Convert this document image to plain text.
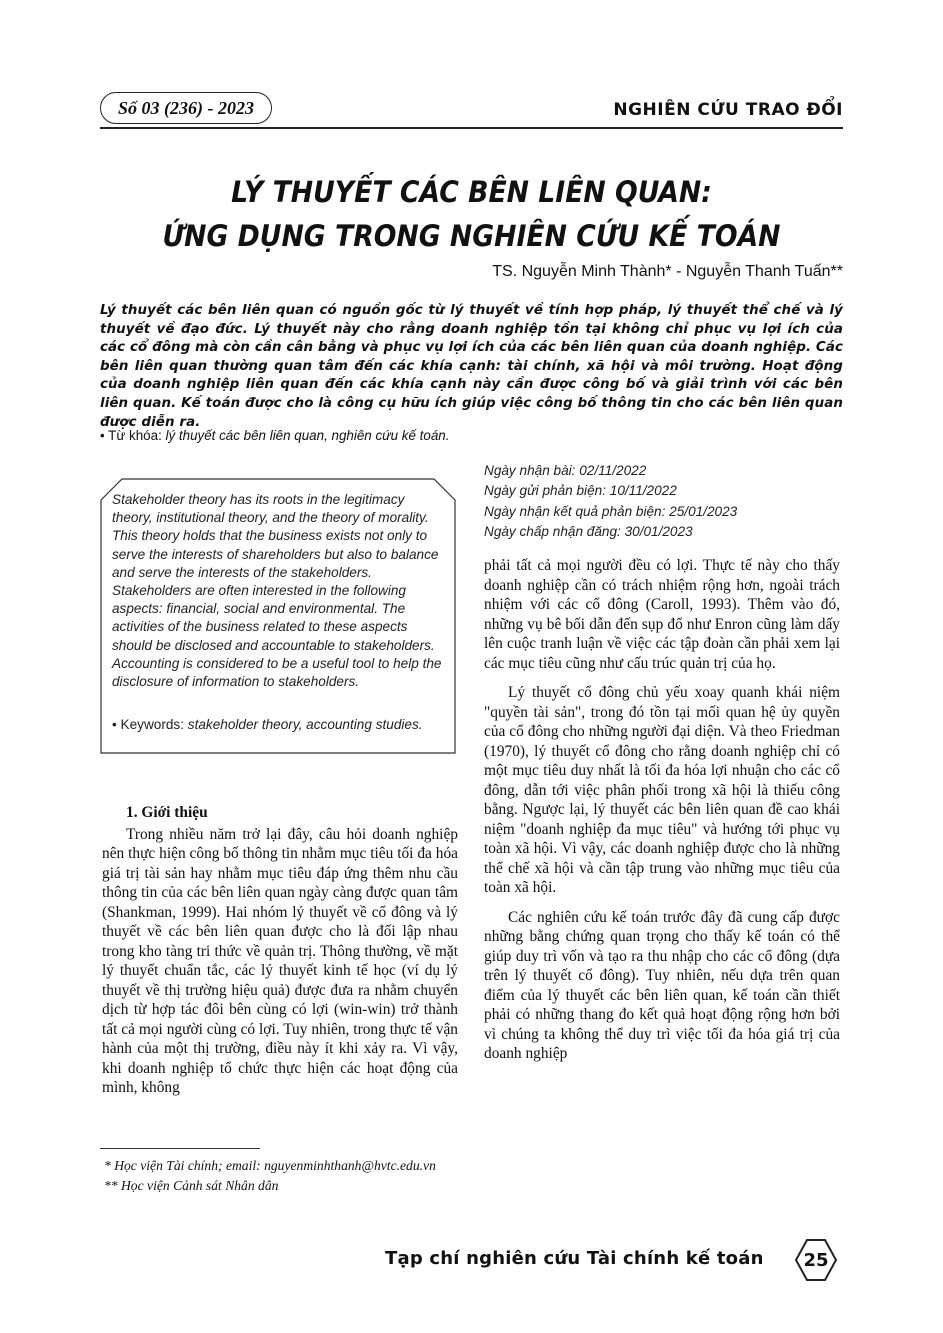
Số 03 (236) - 2023	NGHIÊN CỨU TRAO ĐỔI
LÝ THUYẾT CÁC BÊN LIÊN QUAN:
ỨNG DỤNG TRONG NGHIÊN CỨU KẾ TOÁN
TS. Nguyễn Minh Thành* - Nguyễn Thanh Tuấn**
Lý thuyết các bên liên quan có nguồn gốc từ lý thuyết về tính hợp pháp, lý thuyết thể chế và lý thuyết về đạo đức. Lý thuyết này cho rằng doanh nghiệp tồn tại không chỉ phục vụ lợi ích của các cổ đông mà còn cần cân bằng và phục vụ lợi ích của các bên liên quan của doanh nghiệp. Các bên liên quan thường quan tâm đến các khía cạnh: tài chính, xã hội và môi trường. Hoạt động của doanh nghiệp liên quan đến các khía cạnh này cần được công bố và giải trình với các bên liên quan. Kế toán được cho là công cụ hữu ích giúp việc công bố thông tin cho các bên liên quan được diễn ra.
• Từ khóa: lý thuyết các bên liên quan, nghiên cứu kế toán.
Stakeholder theory has its roots in the legitimacy theory, institutional theory, and the theory of morality. This theory holds that the business exists not only to serve the interests of shareholders but also to balance and serve the interests of the stakeholders. Stakeholders are often interested in the following aspects: financial, social and environmental. The activities of the business related to these aspects should be disclosed and accountable to stakeholders. Accounting is considered to be a useful tool to help the disclosure of information to stakeholders.
• Keywords: stakeholder theory, accounting studies.
Ngày nhận bài: 02/11/2022
Ngày gửi phản biện: 10/11/2022
Ngày nhận kết quả phản biện: 25/01/2023
Ngày chấp nhận đăng: 30/01/2023
1. Giới thiệu

Trong nhiều năm trở lại đây, câu hỏi doanh nghiệp nên thực hiện công bố thông tin nhằm mục tiêu tối đa hóa giá trị tài sản hay nhằm mục tiêu đáp ứng thêm nhu cầu thông tin của các bên liên quan ngày càng được quan tâm (Shankman, 1999). Hai nhóm lý thuyết về cổ đông và lý thuyết về các bên liên quan được cho là đối lập nhau trong kho tàng tri thức về quản trị. Thông thường, về mặt lý thuyết chuẩn tắc, các lý thuyết kinh tế học (ví dụ lý thuyết về thị trường hiệu quả) được đưa ra nhằm chuyển dịch từ hợp tác đôi bên cùng có lợi (win-win) trở thành tất cả mọi người cùng có lợi. Tuy nhiên, trong thực tế vận hành của một thị trường, điều này ít khi xảy ra. Vì vậy, khi doanh nghiệp tổ chức thực hiện các hoạt động của mình, không

phải tất cả mọi người đều có lợi. Thực tế này cho thấy doanh nghiệp cần có trách nhiệm rộng hơn, ngoài trách nhiệm với các cổ đông (Caroll, 1993). Thêm vào đó, những vụ bê bối dẫn đến sụp đổ như Enron cũng làm dấy lên cuộc tranh luận về việc các tập đoàn cần phải xem lại các mục tiêu cũng như cấu trúc quản trị của họ.

Lý thuyết cổ đông chủ yếu xoay quanh khái niệm "quyền tài sản", trong đó tồn tại mối quan hệ ủy quyền của cổ đông cho những người đại diện. Và theo Friedman (1970), lý thuyết cổ đông cho rằng doanh nghiệp chỉ có một mục tiêu duy nhất là tối đa hóa lợi nhuận cho các cổ đông, dẫn tới việc phân phối trong xã hội là thiếu công bằng. Ngược lại, lý thuyết các bên liên quan đề cao khái niệm "doanh nghiệp đa mục tiêu" và hướng tới phục vụ toàn xã hội. Vì vậy, các doanh nghiệp được cho là những thể chế xã hội và cần tập trung vào những mục tiêu của toàn xã hội.

Các nghiên cứu kế toán trước đây đã cung cấp được những bằng chứng quan trọng cho thấy kế toán có thể giúp duy trì vốn và tạo ra thu nhập cho các cổ đông (dựa trên lý thuyết cổ đông). Tuy nhiên, nếu dựa trên quan điểm của lý thuyết các bên liên quan, kế toán cần thiết phải có những thang đo kết quả hoạt động rộng hơn bởi vì chúng ta không thể duy trì việc tối đa hóa giá trị của doanh nghiệp

* Học viện Tài chính; email: nguyenminhthanh@hvtc.edu.vn
** Học viện Cảnh sát Nhân dân
Tạp chí nghiên cứu Tài chính kế toán	25
